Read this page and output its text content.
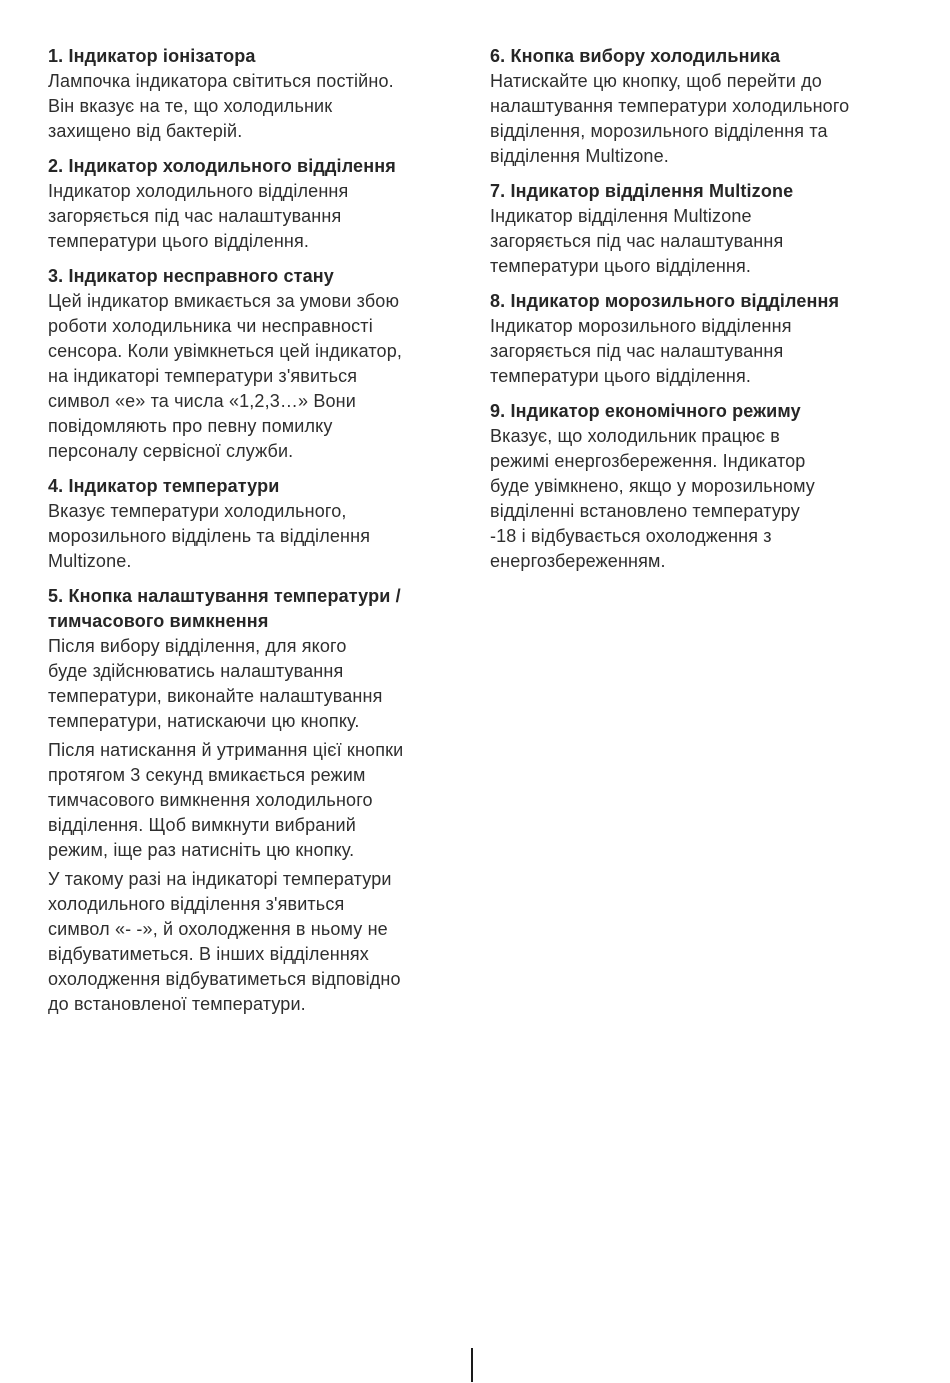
1. Індикатор іонізатора
Лампочка індикатора світиться постійно.
Він вказує на те, що холодильник
захищено від бактерій.
2. Індикатор холодильного відділення
Індикатор холодильного відділення
загоряється під час налаштування
температури цього відділення.
3. Індикатор несправного стану
Цей індикатор вмикається за умови збою
роботи холодильника чи несправності
сенсора. Коли увімкнеться цей індикатор,
на індикаторі температури з'явиться
символ «e» та числа «1,2,3…» Вони
повідомляють про певну помилку
персоналу сервісної служби.
4. Індикатор температури
Вказує температури холодильного,
морозильного відділень та відділення
Multizone.
5. Кнопка налаштування температури /
тимчасового вимкнення
Після вибору відділення, для якого
буде здійснюватись налаштування
температури, виконайте налаштування
температури, натискаючи цю кнопку.
Після натискання й утримання цієї кнопки
протягом 3 секунд вмикається режим
тимчасового вимкнення холодильного
відділення. Щоб вимкнути вибраний
режим, іще раз натисніть цю кнопку.
У такому разі на індикаторі температури
холодильного відділення з'явиться
символ «- -», й охолодження в ньому не
відбуватиметься. В інших відділеннях
охолодження відбуватиметься відповідно
до встановленої температури.
6. Кнопка вибору холодильника
Натискайте цю кнопку, щоб перейти до
налаштування температури холодильного
відділення, морозильного відділення та
відділення Multizone.
7. Індикатор відділення Multizone
Індикатор відділення Multizone
загоряється під час налаштування
температури цього відділення.
8. Індикатор морозильного відділення
Індикатор морозильного відділення
загоряється під час налаштування
температури цього відділення.
9. Індикатор економічного режиму
Вказує, що холодильник працює в
режимі енергозбереження. Індикатор
буде увімкнено, якщо у морозильному
відділенні встановлено температуру
-18 і відбувається охолодження з
енергозбереженням.
